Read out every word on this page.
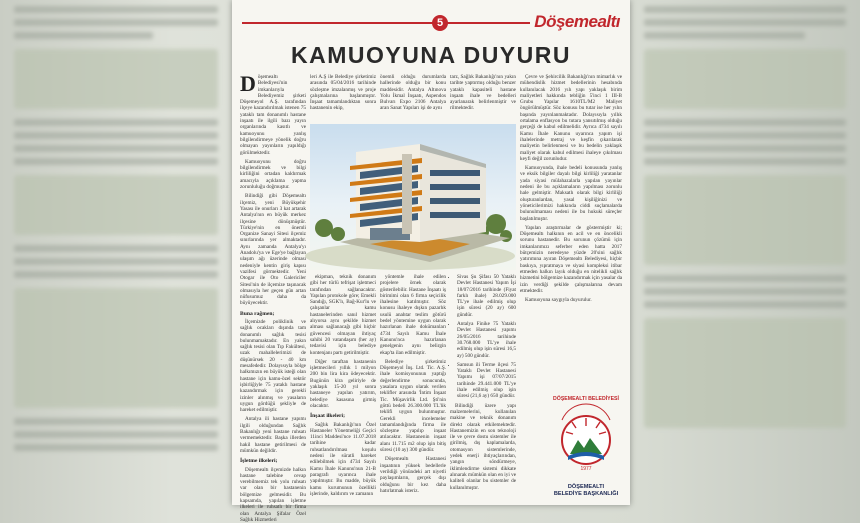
5	Döşemealtı
KAMUOYUNA DUYURU

Döşemealtı Belediyesi'nin imkanlarıyla Belediyemiz şirketi Döşemeyol A.Ş. tarafından ilçeye kazandırılmak istenen 75 yataklı tam donanımlı hastane inşaatı ile ilgili bazı yayın organlarında kasıtlı ve kamuoyunu yanlış bilgilendirmeye yönelik doğru olmayan yayınların yapıldığı görülmektedir.

Kamuoyunu doğru bilgilendirmek ve bilgi kirliliğini ortadan kaldırmak amacıyla açıklama yapma zorunluluğu doğmuştur.

Bilindiği gibi Döşemealtı ilçemiz, yeni Büyükşehir Yasası ile onurları 3 kat artarak Antalya'nın en büyük merkez ilçesine dönüşmüştür. Türkiye'nin en önemli Organize Sanayi Sitesi ilçemiz sınırlarında yer almaktadır. Aynı zamanda Antalya'yı Anadolu'ya ve Ege'ye bağlayan ulaşım ağı üzerinde olması nedeniyle kentin giriş kapısı vazifesi görmektedir. Yeni Otogar ile Oto Galericiler Sitesi'nin de ilçemize taşınacak olmasıyla her geçen gün artan nüfusumuz daha da büyüyecektir.

Buna rağmen;

İlçemizde poliklinik ve sağlık ocakları dışında tam donanımlı sağlık tesisi bulunmamaktadır. En yakın sağlık tesisi olan Tıp Fakültesi, uzak mahallelerimizi de düşünürsek 20 - 40 km mesafededir. Dolayısıyla bölge halkımızın en büyük isteği olan hastane için kamu-özel sektör işbirliğiyle 75 yataklı hastane kazandırmak için gerekli izinler alınmış ve yasaların uygun gördüğü şekliyle de hareket edilmiştir.

Antalya ili hastane yapımı ilgili olduğundan Sağlık Bakanlığı yeni hastane ruhsatı vermemektedir. Başka illerden hakil hastane getirilmesi de mümkün değildir.

İşletme ilkeleri;

Döşemealtı ilçemizde halkın hastane talebine cevap verebilmemiz tek yolu ruhsatı var olan bir hastanenin bölgemize gelmesidir. Bu kapsamda, yapılan işletme ilkeleri ile ruhsatlı bir firma olan Antalya Şifalar Özel Sağlık Hizmetleri

leri A.Ş ile Belediye şirketimiz arasında 05/04/2016 tarihinde sözleşme imzalanmış ve proje çalışmalarına başlanmıştır. İnşaat tamamlandıktan sonra hastanenin ekip,

önemli olduğu durumlarda hallerinde olduğu bir konu maddesidir. Antalya Altınova Yolu İkmal İnşaatı, Aspendos Bulvarı Expo 2106 Antalya aran Sanat Yapıları işi de aynı

tarz, Sağlık Bakanlığı'nın yakın tarihte yaptırmış olduğu benzer yataklı kapasiteli hastane inşaatı ihale ve bedelleri ayarlanarak belirlenmiştir ve rilmektedir.

ekipman, teknik donanım gibi her türlü tefrişat işletmeci tarafından sağlanacaktır. Yapılan protokole göre; Emekli Sandığı, SGK'lı, Bağ-Kur'lu ve çalışanlar kamu hastanelerinden sanıl hizmet alıyorsa aynı şekilde hizmet alması sağlanacağı gibi hiçbir güvencesi olmayan ihtiyaç sahibi 20 vatandaşım (her ay) tedavisi için belediye kontenjanı partı getirilmiştir.

Diğer taraftan hastanenin işletmecileri yıllık 1 milyon 200 bin lira kira ödeyecektir. Bugünün kira geliriyle de yaklaşık 15-20 yıl sonra hastaneye yapılan yatırım, belediye kasasına girmiş olacaktır.

İnşaat ilkeleri;

Sağlık Bakanlığı'nın Özel Hastaneler Yönetmeliği Geçici 11inci Maddesi'nce 11.07.2018 tarihine kadar ruhsatlandırılması koşulu nedeni ile süratli hareket edilebilmek için 4734 Sayılı Kamu İhale Kanunu'nun 21-B paragrafı uyarınca ihale yapılmıştır. Bu madde, büyük kamu kurumunun özellikli işlerinde, kaldırım ve zamanın

yöntemle ihale edilen projelere örnek olarak gösterilebilir. Hastane İnşaatı iş birimimi olan 6 firma seçicilik ihalesine katılmıştır. Söz konusu ihaleye dışkın pazarlık usulü anahtar teslim götürü bedel yöntemine uygun olarak hazırlanan ihale dokümanları 4734 Sayılı Kamu İhale Kanunu'nca hazırlanan genelgenin aynı belirgin ekap'ta ilan edilmiştir.

Belediye şirketimiz Döşemeyol İnş. Ltd. Tic. A.Ş. ihale komisyonunun yaptığı değerlendirme sonucunda, yasalara uygun olarak verilen teklifler arasında 'İntim İnşaat Tic. Müşavirlik Ltd. Şti'nin göttü bedeli 26.300.000 TL'lik teklifi uygun bulunmuştur. Gerekli incelemeler tamamlandığında firma ile sözleşme yapılıp inşaat atılacaktır. Hastanenin inşaat alanı 11.715 m2 olup işin bitiş süresi (10 ay) 300 gündür.

Döşemealtı Hastanesi inşaatının yüksek bedellerle verildiği yönündeki art niyetli paylaşımların, gerçek dışı olduğunu bir kez daha hatırlatmak isteriz.

• Sivas Şu Şifası 50 Yataklı Devlet Hastanesi Yapım İşi 18/07/2016 tarihinde (Fiyat farklı ihale) 28.029.000 TL'ye ihale edilmiş olup işin süresi (20 ay) 600 gündür.
• Antalya Finike 75 Yataklı Devlet Hastanesi yapımı 26/05/2016 tarihinde 30.768.000 TL'ye ihale edilmiş olup işin süresi 16,5 ay) 500 gündür.
• Samsun ili Terme ilçesi 75 Yataklı Devlet Hastanesi Yapımı işi 07/07/2015 tarihinde 29.441.000 TL'ye ihale edilmiş olup işin süresi (21,6 ay) 650 gündür.

Bilindiği üzere yapı malzemelerini, kullanılan makine ve teknik donanım direkt olarak etkilemektedir. Hastanemizin en son teknoloji ile ve çevre dostu sistemler ile girilmiş, dış kaplamalarda, otomasyon sistemlerinde, yedek enerji ihtiyaçlarından, yangın söndürmeye, iklimlendirme sistemi dikkate alınarak mümkün olan en iyi ve kaliteli olanlar bu sistemler de kullanılmıştır.

Çevre ve Şehircilik Bakanlığı'nın mimarlık ve mühendislik hizmet bedellerinin hesabında kullanılacak 2016 yılı yapı yaklaşık birim maliyetleri hakkında tebliğin 5'inci 1 III-B Grubu Yapılar 1610TL/M2 Maliyet öngörülmüştür. Söz konusu bu tutar ise her yılın başında yayınlanmaktadır. Dolayısıyla yıllık ortalama enflasyon bu tutara yansıtılmış olduğu gerçeği de kabul edilmelidir. Ayrıca 4734 sayılı Kamu İhale Kanunu uyarınca yapım işi ihalelerinde metraj ve keşfin çıkarılarak maliyetin belirlenmesi ve bu bedelin yaklaşık maliyet olarak kabul edilmesi ihaleye çıkılması keyfi değil zorunludur.

Kamuoyunda, ihale bedeli konusunda yanlış ve eksik bilgiler dayalı bilgi kirliliği yaratanlar yada siyasi mülahazalarla yapılan yayınlar nedeni ile bu açıklamaların yapılması zorunlu hale gelmiştir. Maksatlı olarak bilgi kirliliği oluşturanlardan, yasal kişiliğinizi ve yöneticilerimizi hakkında ciddi suçlamalarda bulunulmaması nedeni ile bu hukuki süreçler başlatılmıştır.

Yapılan araştırmalar de göstermiştir ki; Döşemealtı halkının en acil ve en öncelikli sorunu hastanedir. Bu sorunun çözümü için imkanlarımızı seferber eden hatta 2017 bütçemizin neredeyse yüzde 20'sini sağlık yatırımına ayıran Döşemealtı Belediyesi, hiçbir baskıya, yıpratmaya ve siyasi kompleksi itibar etmeden halkın layık olduğu en nitelikli sağlık hizmetini bölgemize kazandırmak için yasalar da izin verdiği şekilde çalışmalarına devam etmektedir.

Kamuoyuna saygıyla duyurulur.

DÖŞEMEALTI BELEDİYESİ
1977
DÖŞEMEALTI
BELEDİYE BAŞKANLIĞI
